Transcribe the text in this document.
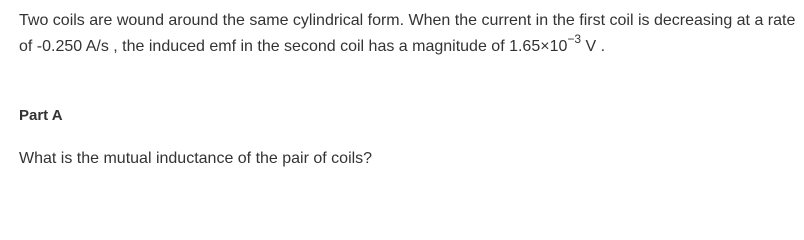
Two coils are wound around the same cylindrical form. When the current in the first coil is decreasing at a rate of -0.250 A/s , the induced emf in the second coil has a magnitude of $1.65\times 10^{-3}$ V .

Part A

What is the mutual inductance of the pair of coils?
